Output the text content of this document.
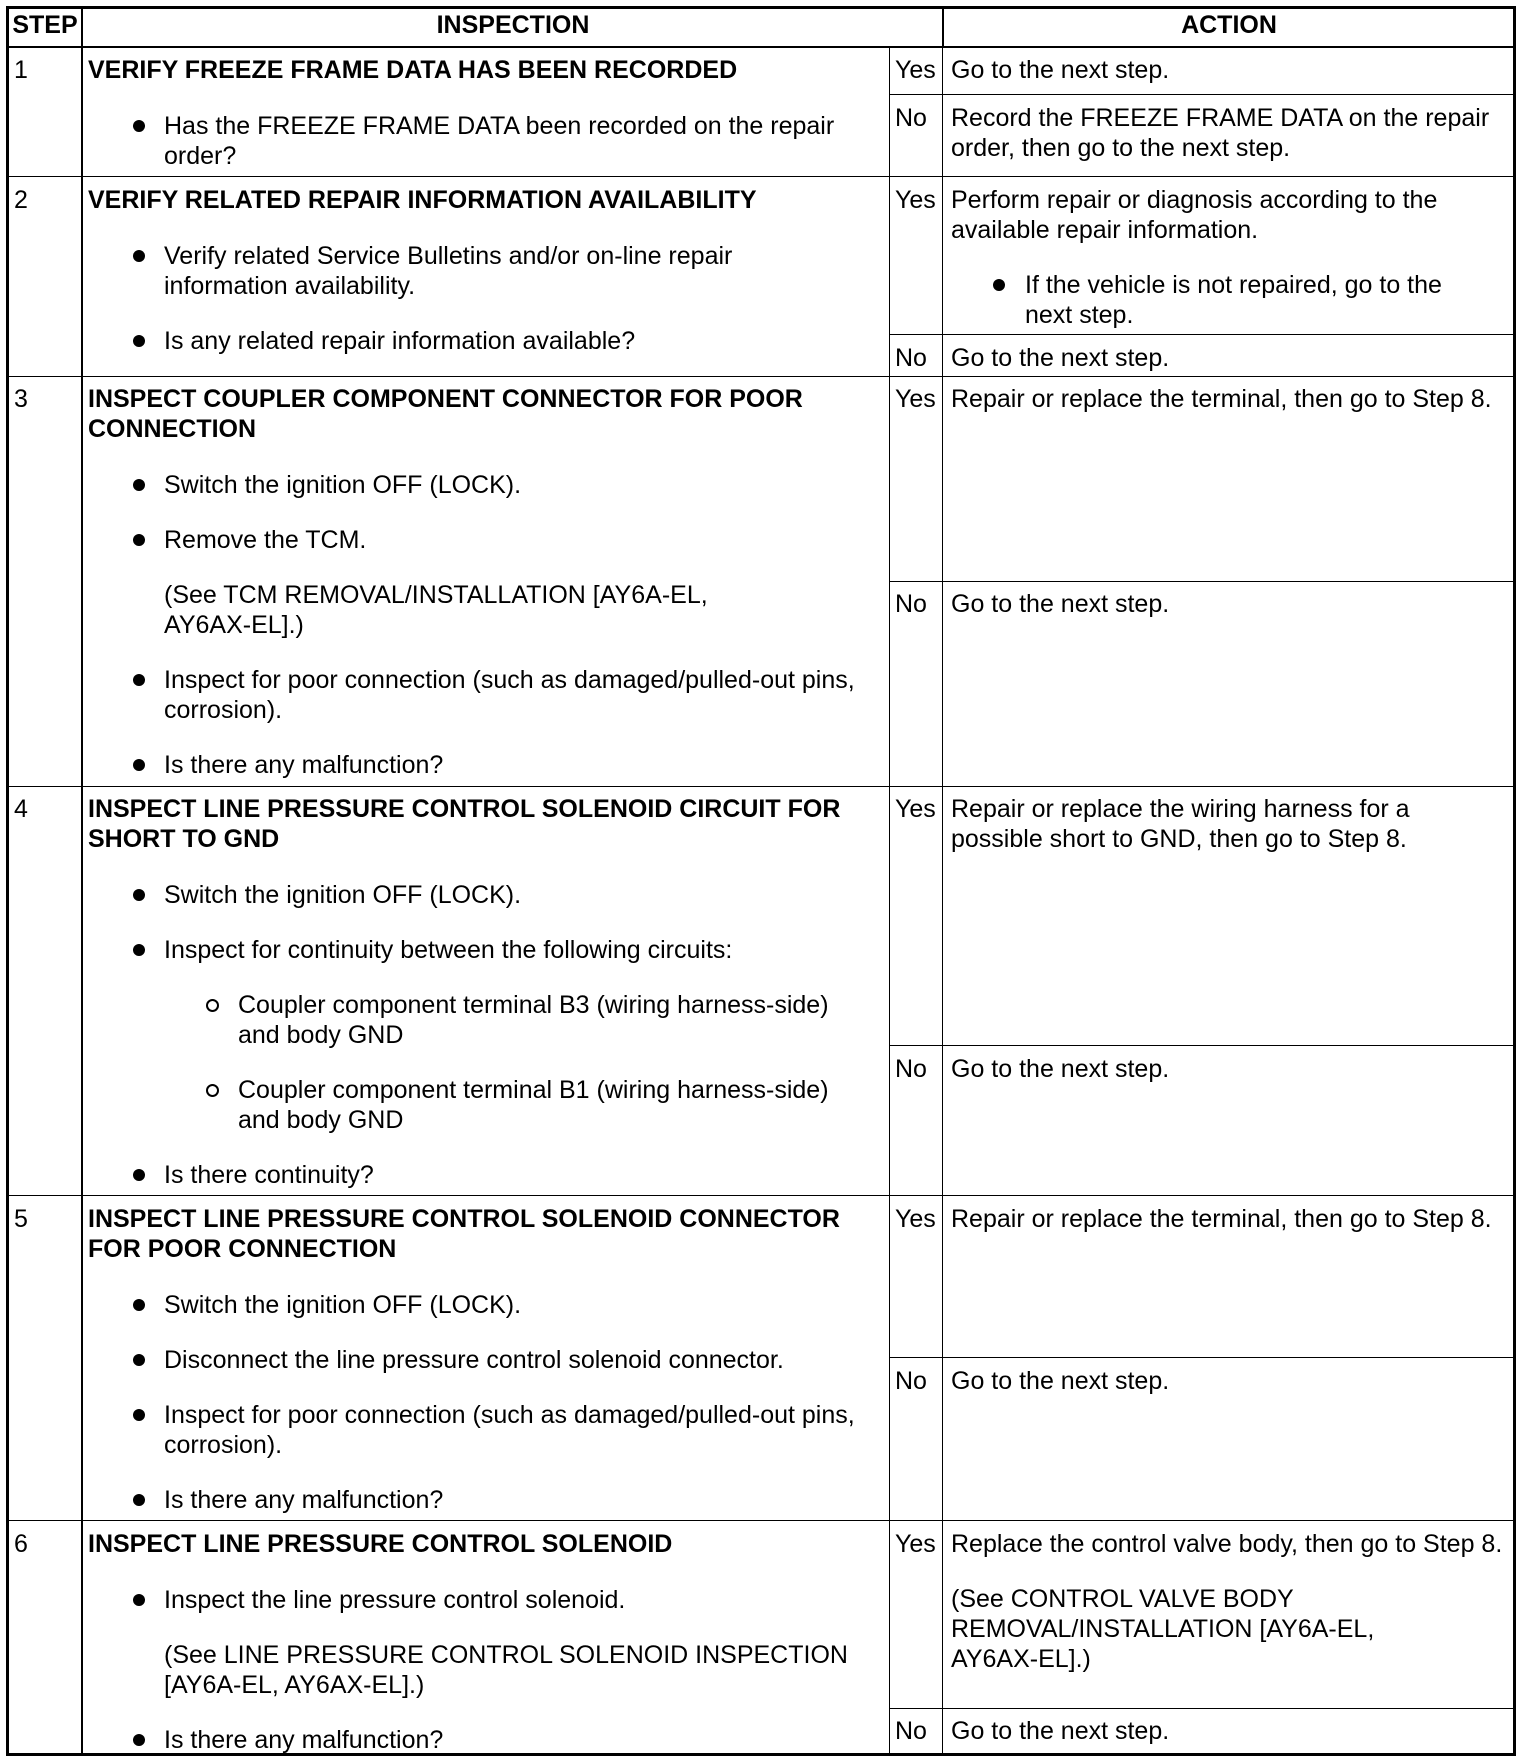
STEP	INSPECTION	ACTION
1 VERIFY FREEZE FRAME DATA HAS BEEN RECORDED
Has the FREEZE FRAME DATA been recorded on the repair
order?
Yes Go to the next step.
No Record the FREEZE FRAME DATA on the repair
order, then go to the next step.
2 VERIFY RELATED REPAIR INFORMATION AVAILABILITY
Verify related Service Bulletins and/or on-line repair
information availability.
Is any related repair information available?
Yes Perform repair or diagnosis according to the
available repair information.
If the vehicle is not repaired, go to the
next step.
No Go to the next step.
3 INSPECT COUPLER COMPONENT CONNECTOR FOR POOR
CONNECTION
Switch the ignition OFF (LOCK).
Remove the TCM.
(See TCM REMOVAL/INSTALLATION [AY6A-EL,
AY6AX-EL].)
Inspect for poor connection (such as damaged/pulled-out pins,
corrosion).
Is there any malfunction?
Yes Repair or replace the terminal, then go to Step 8.
No Go to the next step.
4 INSPECT LINE PRESSURE CONTROL SOLENOID CIRCUIT FOR
SHORT TO GND
Switch the ignition OFF (LOCK).
Inspect for continuity between the following circuits:
Coupler component terminal B3 (wiring harness-side)
and body GND
Coupler component terminal B1 (wiring harness-side)
and body GND
Is there continuity?
Yes Repair or replace the wiring harness for a
possible short to GND, then go to Step 8.
No Go to the next step.
5 INSPECT LINE PRESSURE CONTROL SOLENOID CONNECTOR
FOR POOR CONNECTION
Switch the ignition OFF (LOCK).
Disconnect the line pressure control solenoid connector.
Inspect for poor connection (such as damaged/pulled-out pins,
corrosion).
Is there any malfunction?
Yes Repair or replace the terminal, then go to Step 8.
No Go to the next step.
6 INSPECT LINE PRESSURE CONTROL SOLENOID
Inspect the line pressure control solenoid.
(See LINE PRESSURE CONTROL SOLENOID INSPECTION
[AY6A-EL, AY6AX-EL].)
Is there any malfunction?
Yes Replace the control valve body, then go to Step 8.
(See CONTROL VALVE BODY
REMOVAL/INSTALLATION [AY6A-EL,
AY6AX-EL].)
No Go to the next step.
